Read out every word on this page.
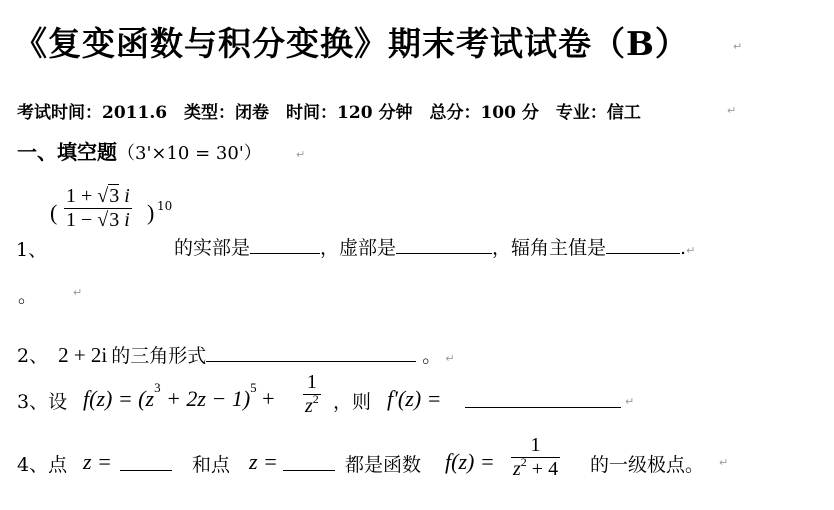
《复变函数与积分变换》期末考试试卷（B）	↵
考试时间：2011.6　类型：闭卷　时间：120 分钟　总分：100 分　专业：信工	↵
一、填空题（3'×10 = 30'）	↵
1、
(
1 + √3 i
1 − √3 i ) 10
的实部是	，虚部是	，辐角主值是	.↵
。	↵
2、 2 + 2i 的三角形式	。 ↵
3、设 $f(z) = (z^3 + 2z - 1)^5$ +
1
$z^2$ ，则 f′(z) =	↵
4、点 z =	和点 z =	都是函数 f(z) =
1
$z^2 + 4$ 的一级极点。 ↵
